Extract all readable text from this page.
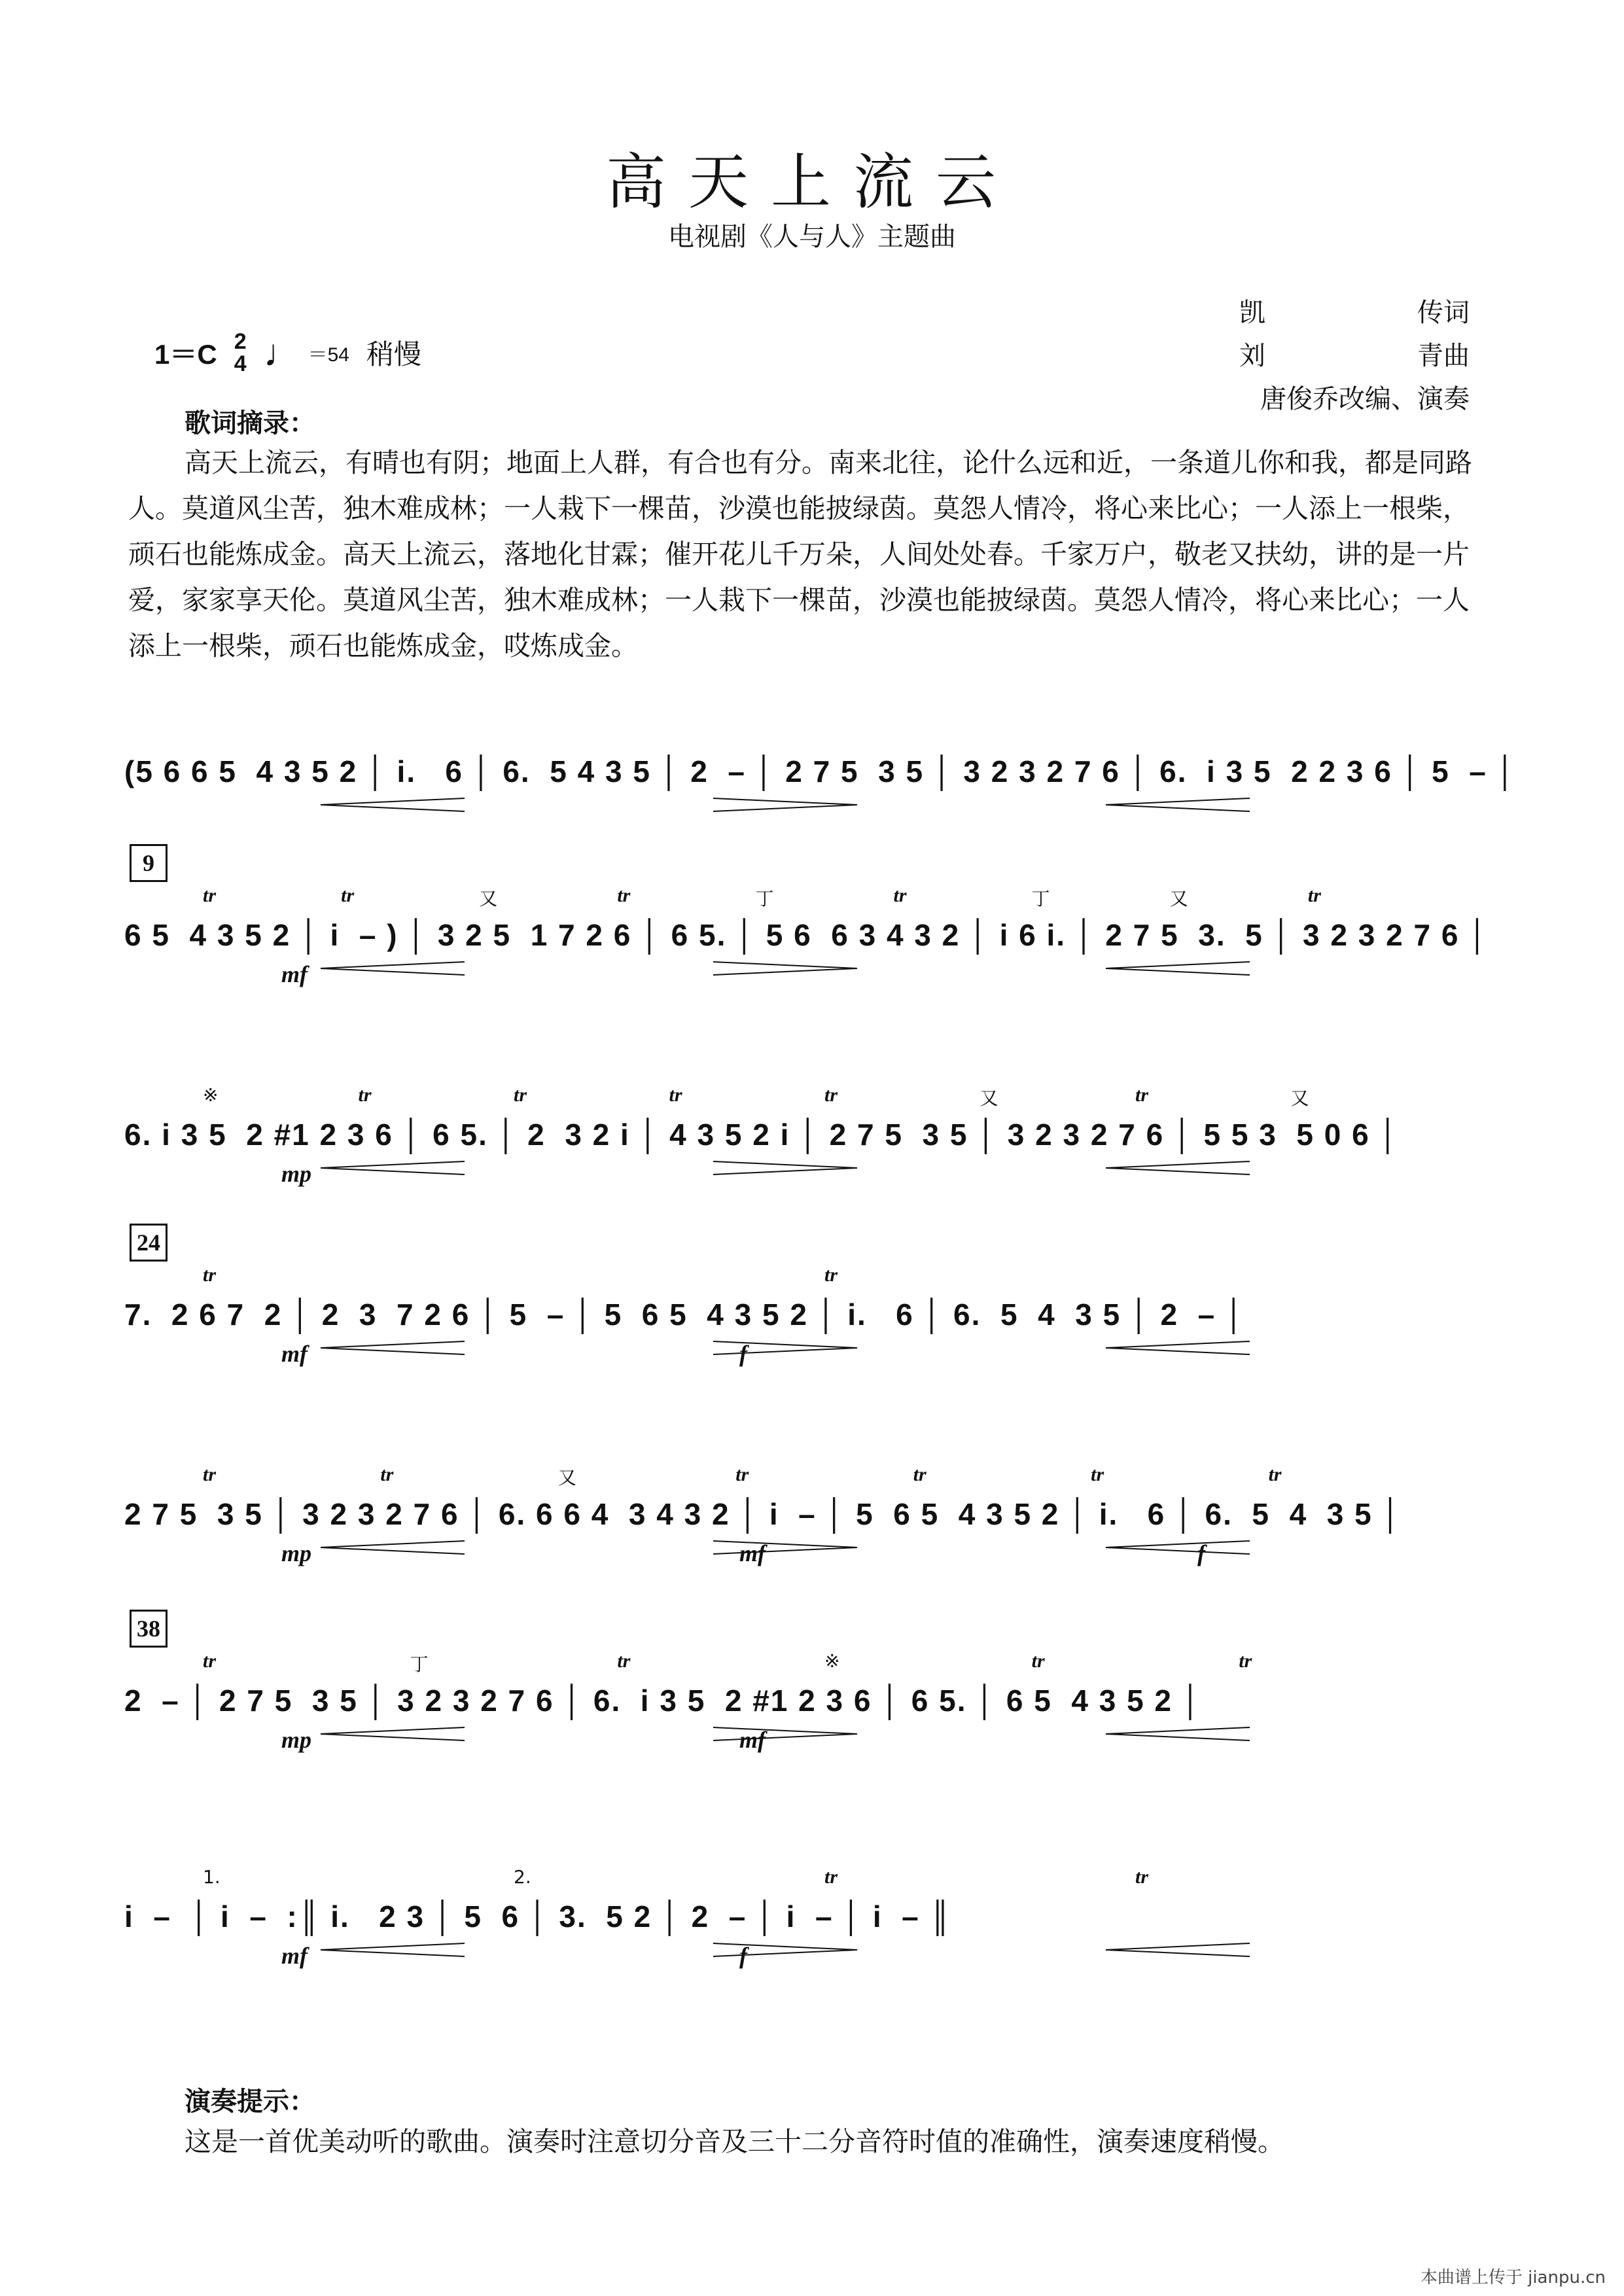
高天上流云
电视剧《人与人》主题曲
凯	传词
刘	青曲
唐俊乔改编、 演奏
1＝C 2
4 ♩ ＝54 稍慢
歌词摘录：
高天上流云，有晴也有阴；地面上人群，有合也有分。南来北往，论什么远和近，一条道儿你和我，都是同路人。莫道风尘苦，独木难成林；一人栽下一棵苗，沙漠也能披绿茵。莫怨人情冷，将心来比心；一人添上一根柴，顽石也能炼成金。高天上流云，落地化甘霖；催开花儿千万朵，人间处处春。千家万户，敬老又扶幼，讲的是一片爱，家家享天伦。莫道风尘苦，独木难成林；一人栽下一棵苗，沙漠也能披绿茵。莫怨人情冷，将心来比心；一人添上一根柴，顽石也能炼成金，哎炼成金。
(5 6 6 5  4 3 5 2 │ i.   6 │ 6.  5 4 3 5 │ 2  – │ 2 7 5  3 5 │ 3 2 3 2 7 6 │ 6.  i 3 5  2 2 3 6 │ 5  – │
9
tr	tr	又	tr	丁	tr	丁	又	tr
mf
6 5  4 3 5 2 │ i  – ) │ 3 2 5  1 7 2 6 │ 6 5. │ 5 6  6 3 4 3 2 │ i 6 i. │ 2 7 5  3.  5 │ 3 2 3 2 7 6 │
※	tr	tr	tr	tr	又	tr	又
mp
6. i 3 5  2 #1 2 3 6 │ 6 5. │ 2  3 2 i │ 4 3 5 2 i │ 2 7 5  3 5 │ 3 2 3 2 7 6 │ 5 5 3  5 0 6 │
24
tr	tr
mf	f
7.  2 6 7  2 │ 2  3  7 2 6 │ 5  – │ 5  6 5  4 3 5 2 │ i.   6 │ 6.  5  4  3 5 │ 2  – │
tr	tr	又	tr	tr	tr	tr
mp	mf	f
2 7 5  3 5 │ 3 2 3 2 7 6 │ 6. 6 6 4  3 4 3 2 │ i  – │ 5  6 5  4 3 5 2 │ i.   6 │ 6.  5  4  3 5 │
38
tr	丁	tr	※	tr	tr
mp	mf
2  – │ 2 7 5  3 5 │ 3 2 3 2 7 6 │ 6.  i 3 5  2 #1 2 3 6 │ 6 5. │ 6 5  4 3 5 2 │
1.	2.	tr	tr
mf	f
i  –  │ i  –  :║ i.   2 3 │ 5  6 │ 3.  5 2 │ 2  – │ i  – │ i  – ║
演奏提示：
这是一首优美动听的歌曲。演奏时注意切分音及三十二分音符时值的准确性，演奏速度稍慢。
本曲谱上传于 jianpu.cn
